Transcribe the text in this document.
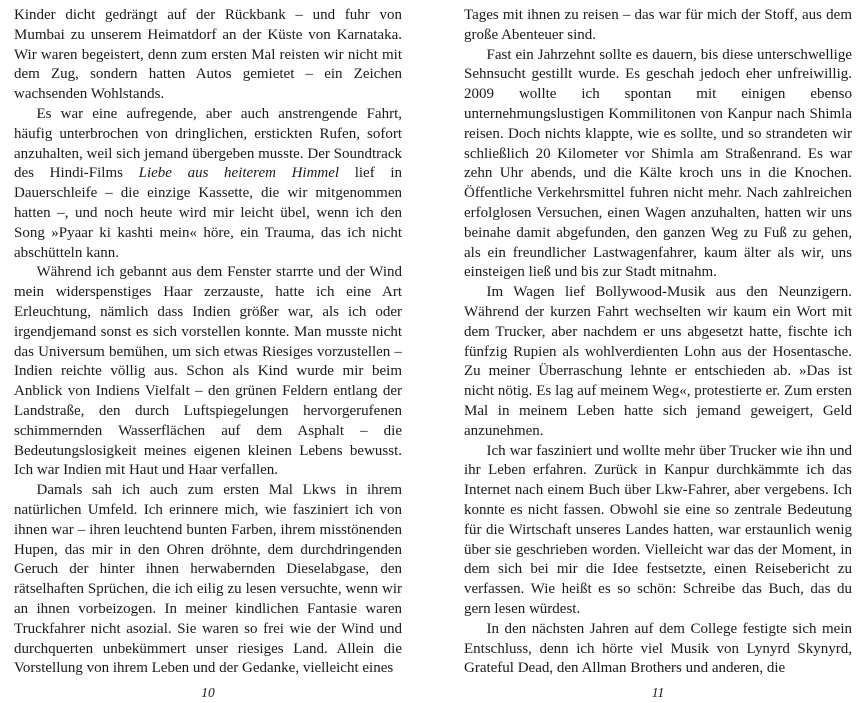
Kinder dicht gedrängt auf der Rückbank – und fuhr von Mumbai zu unserem Heimatdorf an der Küste von Karnataka. Wir waren begeistert, denn zum ersten Mal reisten wir nicht mit dem Zug, sondern hatten Autos gemietet – ein Zeichen wachsenden Wohlstands.

Es war eine aufregende, aber auch anstrengende Fahrt, häufig unterbrochen von dringlichen, erstickten Rufen, sofort anzuhalten, weil sich jemand übergeben musste. Der Soundtrack des Hindi-Films Liebe aus heiterem Himmel lief in Dauerschleife – die einzige Kassette, die wir mitgenommen hatten –, und noch heute wird mir leicht übel, wenn ich den Song »Pyaar ki kashti mein« höre, ein Trauma, das ich nicht abschütteln kann.

Während ich gebannt aus dem Fenster starrte und der Wind mein widerspenstiges Haar zerzauste, hatte ich eine Art Erleuchtung, nämlich dass Indien größer war, als ich oder irgendjemand sonst es sich vorstellen konnte. Man musste nicht das Universum bemühen, um sich etwas Riesiges vorzustellen – Indien reichte völlig aus. Schon als Kind wurde mir beim Anblick von Indiens Vielfalt – den grünen Feldern entlang der Landstraße, den durch Luftspiegelungen hervorgerufenen schimmernden Wasserflächen auf dem Asphalt – die Bedeutungslosigkeit meines eigenen kleinen Lebens bewusst. Ich war Indien mit Haut und Haar verfallen.

Damals sah ich auch zum ersten Mal Lkws in ihrem natürlichen Umfeld. Ich erinnere mich, wie fasziniert ich von ihnen war – ihren leuchtend bunten Farben, ihrem misstönenden Hupen, das mir in den Ohren dröhnte, dem durchdringenden Geruch der hinter ihnen herwabernden Dieselabgase, den rätselhaften Sprüchen, die ich eilig zu lesen versuchte, wenn wir an ihnen vorbeizogen. In meiner kindlichen Fantasie waren Truckfahrer nicht asozial. Sie waren so frei wie der Wind und durchquerten unbekümmert unser riesiges Land. Allein die Vorstellung von ihrem Leben und der Gedanke, vielleicht eines

10

Tages mit ihnen zu reisen – das war für mich der Stoff, aus dem große Abenteuer sind.

Fast ein Jahrzehnt sollte es dauern, bis diese unterschwellige Sehnsucht gestillt wurde. Es geschah jedoch eher unfreiwillig. 2009 wollte ich spontan mit einigen ebenso unternehmungslustigen Kommilitonen von Kanpur nach Shimla reisen. Doch nichts klappte, wie es sollte, und so strandeten wir schließlich 20 Kilometer vor Shimla am Straßenrand. Es war zehn Uhr abends, und die Kälte kroch uns in die Knochen. Öffentliche Verkehrsmittel fuhren nicht mehr. Nach zahlreichen erfolglosen Versuchen, einen Wagen anzuhalten, hatten wir uns beinahe damit abgefunden, den ganzen Weg zu Fuß zu gehen, als ein freundlicher Lastwagenfahrer, kaum älter als wir, uns einsteigen ließ und bis zur Stadt mitnahm.

Im Wagen lief Bollywood-Musik aus den Neunzigern. Während der kurzen Fahrt wechselten wir kaum ein Wort mit dem Trucker, aber nachdem er uns abgesetzt hatte, fischte ich fünfzig Rupien als wohlverdienten Lohn aus der Hosentasche. Zu meiner Überraschung lehnte er entschieden ab. »Das ist nicht nötig. Es lag auf meinem Weg«, protestierte er. Zum ersten Mal in meinem Leben hatte sich jemand geweigert, Geld anzunehmen.

Ich war fasziniert und wollte mehr über Trucker wie ihn und ihr Leben erfahren. Zurück in Kanpur durchkämmte ich das Internet nach einem Buch über Lkw-Fahrer, aber vergebens. Ich konnte es nicht fassen. Obwohl sie eine so zentrale Bedeutung für die Wirtschaft unseres Landes hatten, war erstaunlich wenig über sie geschrieben worden. Vielleicht war das der Moment, in dem sich bei mir die Idee festsetzte, einen Reisebericht zu verfassen. Wie heißt es so schön: Schreibe das Buch, das du gern lesen würdest.

In den nächsten Jahren auf dem College festigte sich mein Entschluss, denn ich hörte viel Musik von Lynyrd Skynyrd, Grateful Dead, den Allman Brothers und anderen, die

11
